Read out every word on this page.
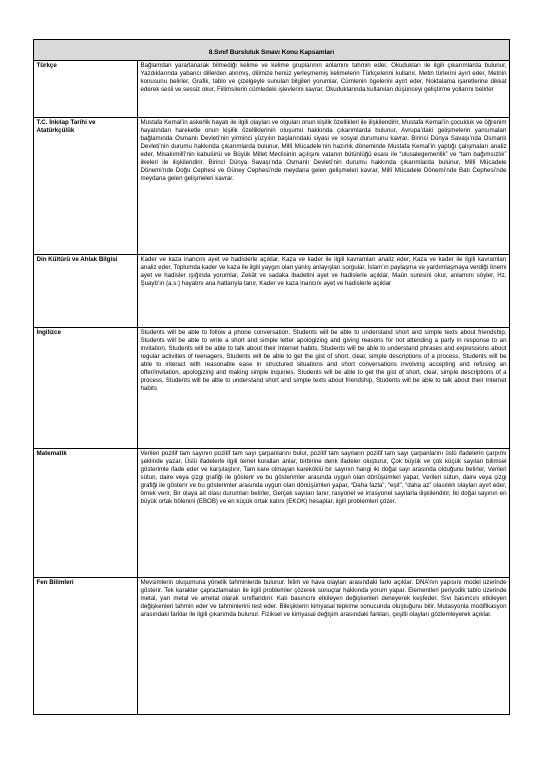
8.Sınıf Bursluluk Sınavı Konu Kapsamları	
Türkçe	Bağlamdan yararlanarak bilmediği kelime ve kelime gruplarının anlamını tahmin eder, Okudukları ile ilgili çıkarımlarda bulunur, Yazdıklarında yabancı dillerden alınmış, dilimize henüz yerleşmemiş kelimelerin Türkçelerini kullanır, Metin türlerini ayırt eder, Metnin konusunu belirler, Grafik, tablo ve çizelgeyle sunulan bilgileri yorumlar, Cümlenin ögelerini ayırt eder, Noktalama işaretlerine dikkat ederek sesli ve sessiz okur, Fiilimsilerin cümledeki işlevlerini kavrar, Okuduklarında kullanılan düşünceyi geliştirme yollarını belirler
T.C. İnkılap Tarihi ve Atatürkçülük	Mustafa Kemal’in askerlik hayatı ile ilgili olayları ve olguları onun kişilik özellikleri ile ilişkilendirir, Mustafa Kemal’in çocukluk ve öğrenim hayatından hareketle onun kişilik özelliklerinin oluşumu hakkında çıkarımlarda bulunur, Avrupa’daki gelişmelerin yansımaları bağlamında Osmanlı Devleti’nin yirminci yüzyılın başlarındaki siyasi ve sosyal durumunu kavrar, Birinci Dünya Savaşı’nda Osmanlı Devleti’nin durumu hakkında çıkarımlarda bulunur, Millî Mücadele’nin hazırlık döneminde Mustafa Kemal’in yaptığı çalışmaları analiz eder, Misakımillî’nin kabulünü ve Büyük Millet Meclisinin açılışını vatanın bütünlüğü esası ile “ulusalegemenlik” ve “tam bağımsızlık” ilkeleri ile ilişkilendirir. Birinci Dünya Savaşı’nda Osmanlı Devleti’nin durumu hakkında çıkarımlarda bulunur, Millî Mücadele Dönemi’nde Doğu Cephesi ve Güney Cephesi’nde meydana gelen gelişmeleri kavrar, Millî Mücadele Dönemi’nde Batı Cephesi’nde meydana gelen gelişmeleri kavrar.
Din Kültürü ve Ahlak Bilgisi	Kader ve kaza inancını ayet ve hadislerle açıklar, Kaza ve kader ile ilgili kavramları analiz eder, Kaza ve kader ile ilgili kavramları analiz eder. Toplumda kader ve kaza ile ilgili yaygın olan yanlış anlayışları sorgular, İslam’ın paylaşma ve yardımlaşmaya verdiği önemi ayet ve hadisler ışığında yorumlar, Zekât ve sadaka ibadetini ayet ve hadislerle açıklar, Maûn suresini okur, anlamını söyler, Hz. Şuayb’ın (a.s.) hayatını ana hatlarıyla tanır, Kader ve kaza inancını ayet ve hadislerle açıklar
İngilizce	Students will be able to follow a phone conversation, Students will be able to understand short and simple texts about friendship, Students will be able to write a short and simple letter apologizing and giving reasons for not attending a party in response to an invitation, Students will be able to talk about their Internet habits, Students will be able to understand phrases and expressions about regular activities of teenagers, Students will be able to get the gist of short, clear, simple descriptions of a process, Students will be able to interact with reasonable ease in structured situations and short conversations involving accepting and refusing an offer/invitation, apologizing and making simple inquiries, Students will be able to get the gist of short, clear, simple descriptions of a process, Students will be able to understand short and simple texts about friendship, Students will be able to talk about their Internet habits
Matematik	Verilen pozitif tam sayının pozitif tam sayı çarpanlarını bulur, pozitif tam sayıların pozitif tam sayı çarpanlarını üslü ifadelerin çarpımı şeklinde yazar, Üslü ifadelerle ilgili temel kuralları anlar, birbirine denk ifadeler oluşturur, Çok büyük ve çok küçük sayıları bilimsel gösterimle ifade eder ve karşılaştırır, Tam kare olmayan kareköklü bir sayının hangi iki doğal sayı arasında olduğunu belirler, Verileri sütun, daire veya çizgi grafiği ile gösterir ve bu gösterimler arasında uygun olan dönüşümleri yapar, Verileri sütun, daire veya çizgi grafiği ile gösterir ve bu gösterimler arasında uygun olan dönüşümleri yapar, “Daha fazla”, “eşit”, “daha az” olasılıklı olayları ayırt eder, örnek verir, Bir olaya ait olası durumları belirler, Gerçek sayıları tanır, rasyonel ve irrasyonel sayılarla ilişkilendirir, İki doğal sayının en büyük ortak bölenini (EBOB) ve en küçük ortak katını (EKOK) hesaplar, ilgili problemleri çözer.
Fen Bilimleri	Mevsimlerin oluşumuna yönelik tahminlerde bulunur. İklim ve hava olayları arasındaki farkı açıklar. DNA’nın yapısını model üzerinde gösterir. Tek karakter çaprazlamaları ile ilgili problemler çözerek sonuçlar hakkında yorum yapar. Elementleri periyodik tablo üzerinde metal, yarı metal ve ametal olarak sınıflandırır. Katı basıncını etkileyen değişkenleri deneyerek keşfeder. Sıvı basıncını etkileyen değişkenleri tahmin eder ve tahminlerini test eder. Bileşiklerin kimyasal tepkime sonucunda oluştuğunu bilir. Mutasyonla modifikasyon arasındaki farklar ile ilgili çıkarımda bulunur. Fiziksel ve kimyasal değişim arasındaki farkları, çeşitli olayları gözlemleyerek açıklar.
